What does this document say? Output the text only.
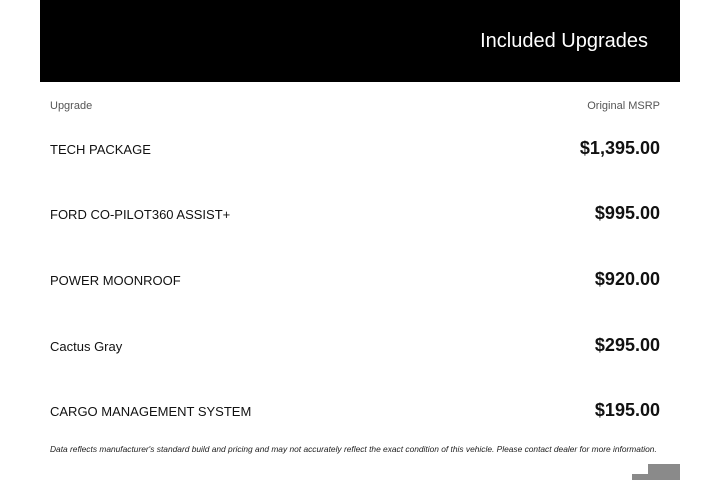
Included Upgrades
Upgrade	Original MSRP
TECH PACKAGE	$1,395.00
FORD CO-PILOT360 ASSIST+	$995.00
POWER MOONROOF	$920.00
Cactus Gray	$295.00
CARGO MANAGEMENT SYSTEM	$195.00
Data reflects manufacturer's standard build and pricing and may not accurately reflect the exact condition of this vehicle. Please contact dealer for more information.
